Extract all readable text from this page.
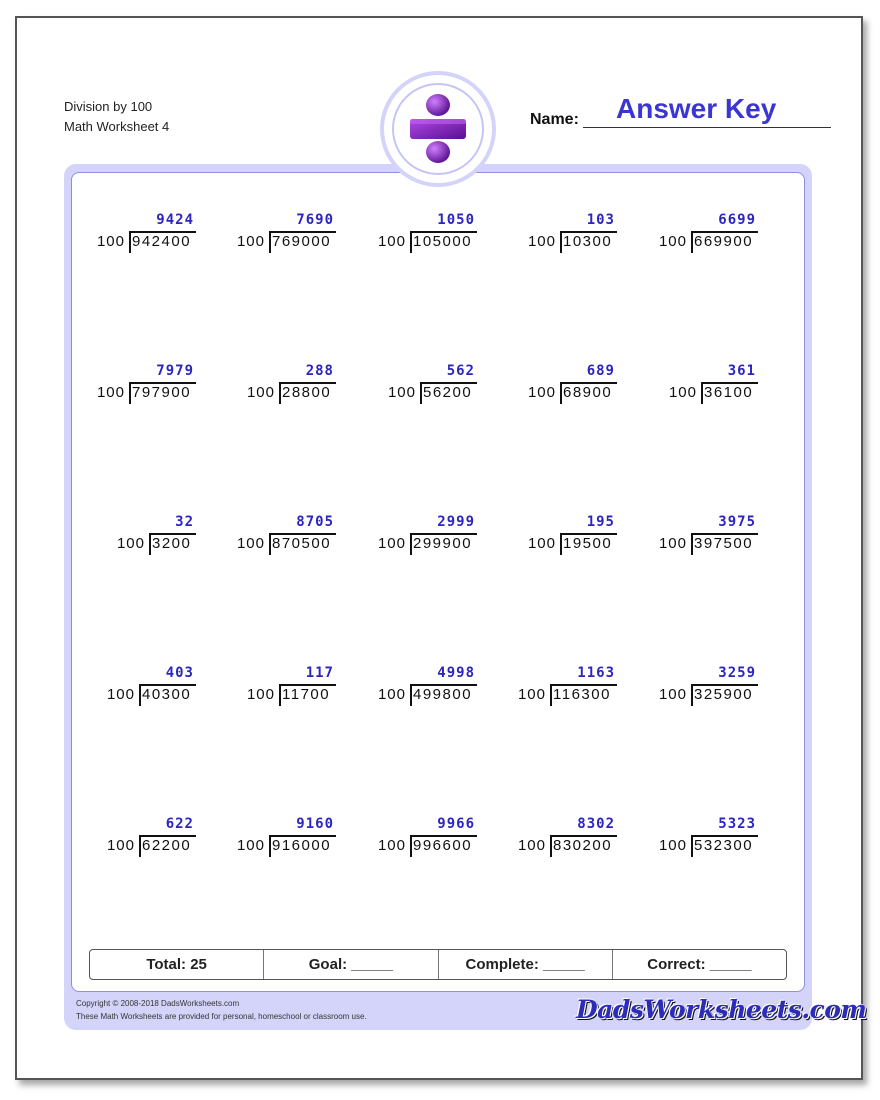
Division by 100
Math Worksheet 4	Name: Answer Key
9424
100 942400
7690
100 769000
1050
100 105000
103
100 10300
6699
100 669900
7979
100 797900
288
100 28800
562
100 56200
689
100 68900
361
100 36100
32
100 3200
8705
100 870500
2999
100 299900
195
100 19500
3975
100 397500
403
100 40300
117
100 11700
4998
100 499800
1163
100 116300
3259
100 325900
622
100 62200
9160
100 916000
9966
100 996600
8302
100 830200
5323
100 532300
Total: 25	Goal: _____	Complete: _____	Correct: _____
Copyright © 2008-2018 DadsWorksheets.com
These Math Worksheets are provided for personal, homeschool or classroom use.	DadsWorksheets.com
